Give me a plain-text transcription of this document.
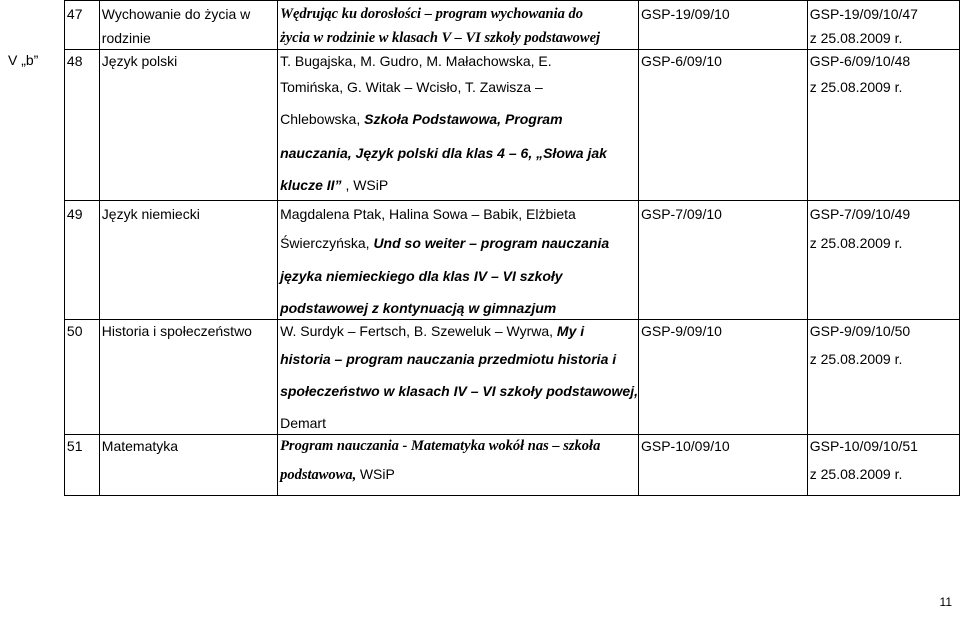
V „b”

	47	Wychowanie do życia w
rodzinie	Wędrując ku dorosłości – program wychowania do
życia w rodzinie w klasach V – VI szkoły podstawowej	GSP-19/09/10	GSP-19/09/10/47
z 25.08.2009 r.

	48	Język polski	T. Bugajska, M. Gudro, M. Małachowska, E.
Tomińska, G. Witak – Wcisło, T. Zawisza –
Chlebowska, Szkoła Podstawowa, Program
nauczania, Język polski dla klas 4 – 6, „Słowa jak
klucze II” , WSiP	GSP-6/09/10	GSP-6/09/10/48
z 25.08.2009 r.

	49	Język niemiecki	Magdalena Ptak, Halina Sowa – Babik, Elżbieta
Świerczyńska, Und so weiter – program nauczania
języka niemieckiego dla klas IV – VI szkoły
podstawowej z kontynuacją w gimnazjum	GSP-7/09/10	GSP-7/09/10/49
z 25.08.2009 r.

	50	Historia i społeczeństwo	W. Surdyk – Fertsch, B. Szeweluk – Wyrwa, My i
historia – program nauczania przedmiotu historia i
społeczeństwo w klasach IV – VI szkoły podstawowej,
Demart	GSP-9/09/10	GSP-9/09/10/50
z 25.08.2009 r.

	51	Matematyka	Program nauczania - Matematyka wokół nas – szkoła
podstawowa, WSiP	GSP-10/09/10	GSP-10/09/10/51
z 25.08.2009 r.
11
